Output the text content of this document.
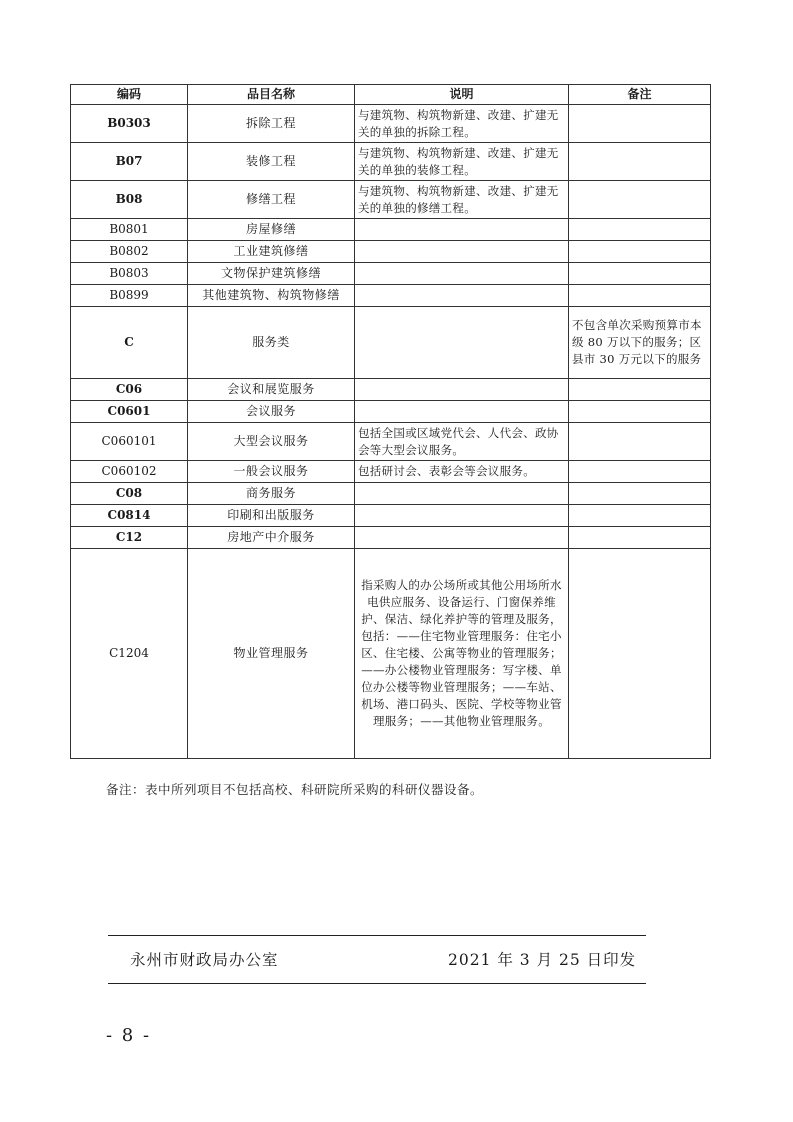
编码	品目名称	说明	备注
B0303	拆除工程	与建筑物、构筑物新建、改建、扩建无关的单独的拆除工程。	
B07	装修工程	与建筑物、构筑物新建、改建、扩建无关的单独的装修工程。	
B08	修缮工程	与建筑物、构筑物新建、改建、扩建无关的单独的修缮工程。	
B0801	房屋修缮		
B0802	工业建筑修缮		
B0803	文物保护建筑修缮		
B0899	其他建筑物、构筑物修缮		
C	服务类		不包含单次采购预算市本级 80 万以下的服务；区县市 30 万元以下的服务
C06	会议和展览服务		
C0601	会议服务		
C060101	大型会议服务	包括全国或区域党代会、人代会、政协会等大型会议服务。	
C060102	一般会议服务	包括研讨会、表彰会等会议服务。	
C08	商务服务		
C0814	印刷和出版服务		
C12	房地产中介服务		
C1204	物业管理服务	指采购人的办公场所或其他公用场所水电供应服务、设备运行、门窗保养维护、保洁、绿化养护等的管理及服务，包括：——住宅物业管理服务：住宅小区、住宅楼、公寓等物业的管理服务；——办公楼物业管理服务：写字楼、单位办公楼等物业管理服务；——车站、机场、港口码头、医院、学校等物业管理服务；——其他物业管理服务。	
备注：表中所列项目不包括高校、科研院所采购的科研仪器设备。
永州市财政局办公室	2021 年 3 月 25 日印发
- 8 -
